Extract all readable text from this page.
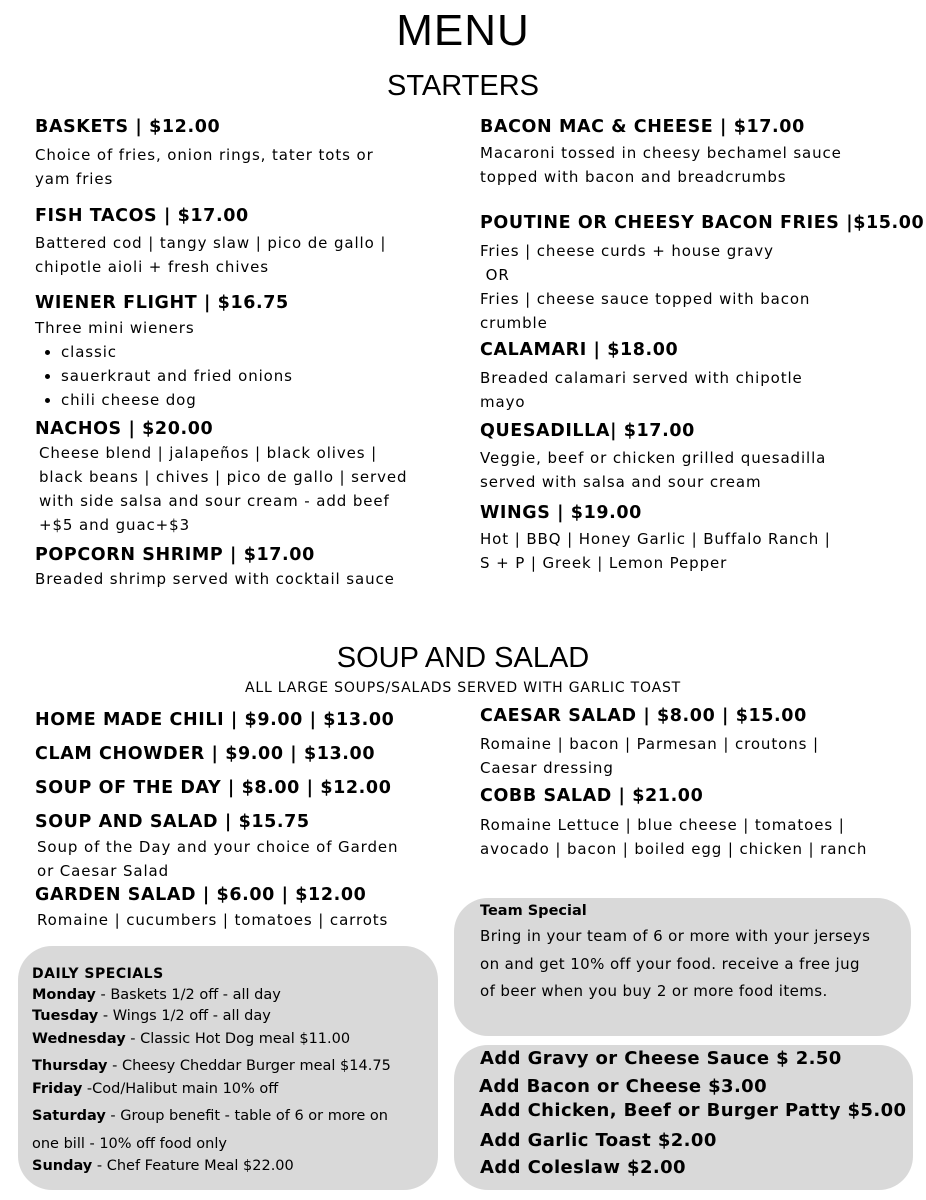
MENU
STARTERS
BASKETS | $12.00
Choice of fries, onion rings, tater tots or
yam fries
FISH TACOS | $17.00
Battered cod | tangy slaw | pico de gallo |
chipotle aioli + fresh chives
WIENER FLIGHT | $16.75
Three mini wieners
• classic
• sauerkraut and fried onions
• chili cheese dog
NACHOS | $20.00
Cheese blend | jalapeños | black olives |
black beans | chives | pico de gallo | served
with side salsa and sour cream - add beef
+$5 and guac+$3
POPCORN SHRIMP | $17.00
Breaded shrimp served with cocktail sauce
BACON MAC & CHEESE | $17.00
Macaroni tossed in cheesy bechamel sauce
topped with bacon and breadcrumbs
POUTINE OR CHEESY BACON FRIES |$15.00
Fries | cheese curds + house gravy
OR
Fries | cheese sauce topped with bacon
crumble
CALAMARI | $18.00
Breaded calamari served with chipotle
mayo
QUESADILLA| $17.00
Veggie, beef or chicken grilled quesadilla
served with salsa and sour cream
WINGS | $19.00
Hot | BBQ | Honey Garlic | Buffalo Ranch |
S + P | Greek | Lemon Pepper
SOUP AND SALAD
ALL LARGE SOUPS/SALADS SERVED WITH GARLIC TOAST
HOME MADE CHILI | $9.00 | $13.00
CLAM CHOWDER | $9.00 | $13.00
SOUP OF THE DAY | $8.00 | $12.00
SOUP AND SALAD | $15.75
Soup of the Day and your choice of Garden
or Caesar Salad
GARDEN SALAD | $6.00 | $12.00
Romaine | cucumbers | tomatoes | carrots
CAESAR SALAD | $8.00 | $15.00
Romaine | bacon | Parmesan | croutons |
Caesar dressing
COBB SALAD | $21.00
Romaine Lettuce | blue cheese | tomatoes |
avocado | bacon | boiled egg | chicken | ranch
DAILY SPECIALS
Monday - Baskets 1/2 off - all day
Tuesday - Wings 1/2 off - all day
Wednesday - Classic Hot Dog meal $11.00
Thursday - Cheesy Cheddar Burger meal $14.75
Friday -Cod/Halibut main 10% off
Saturday - Group benefit - table of 6 or more on
one bill - 10% off food only
Sunday - Chef Feature Meal $22.00
Team Special
Bring in your team of 6 or more with your jerseys on and get 10% off your food. receive a free jug of beer when you buy 2 or more food items.
Add Gravy or Cheese Sauce $ 2.50
Add Bacon or Cheese $3.00
Add Chicken, Beef or Burger Patty $5.00
Add Garlic Toast $2.00
Add Coleslaw $2.00
